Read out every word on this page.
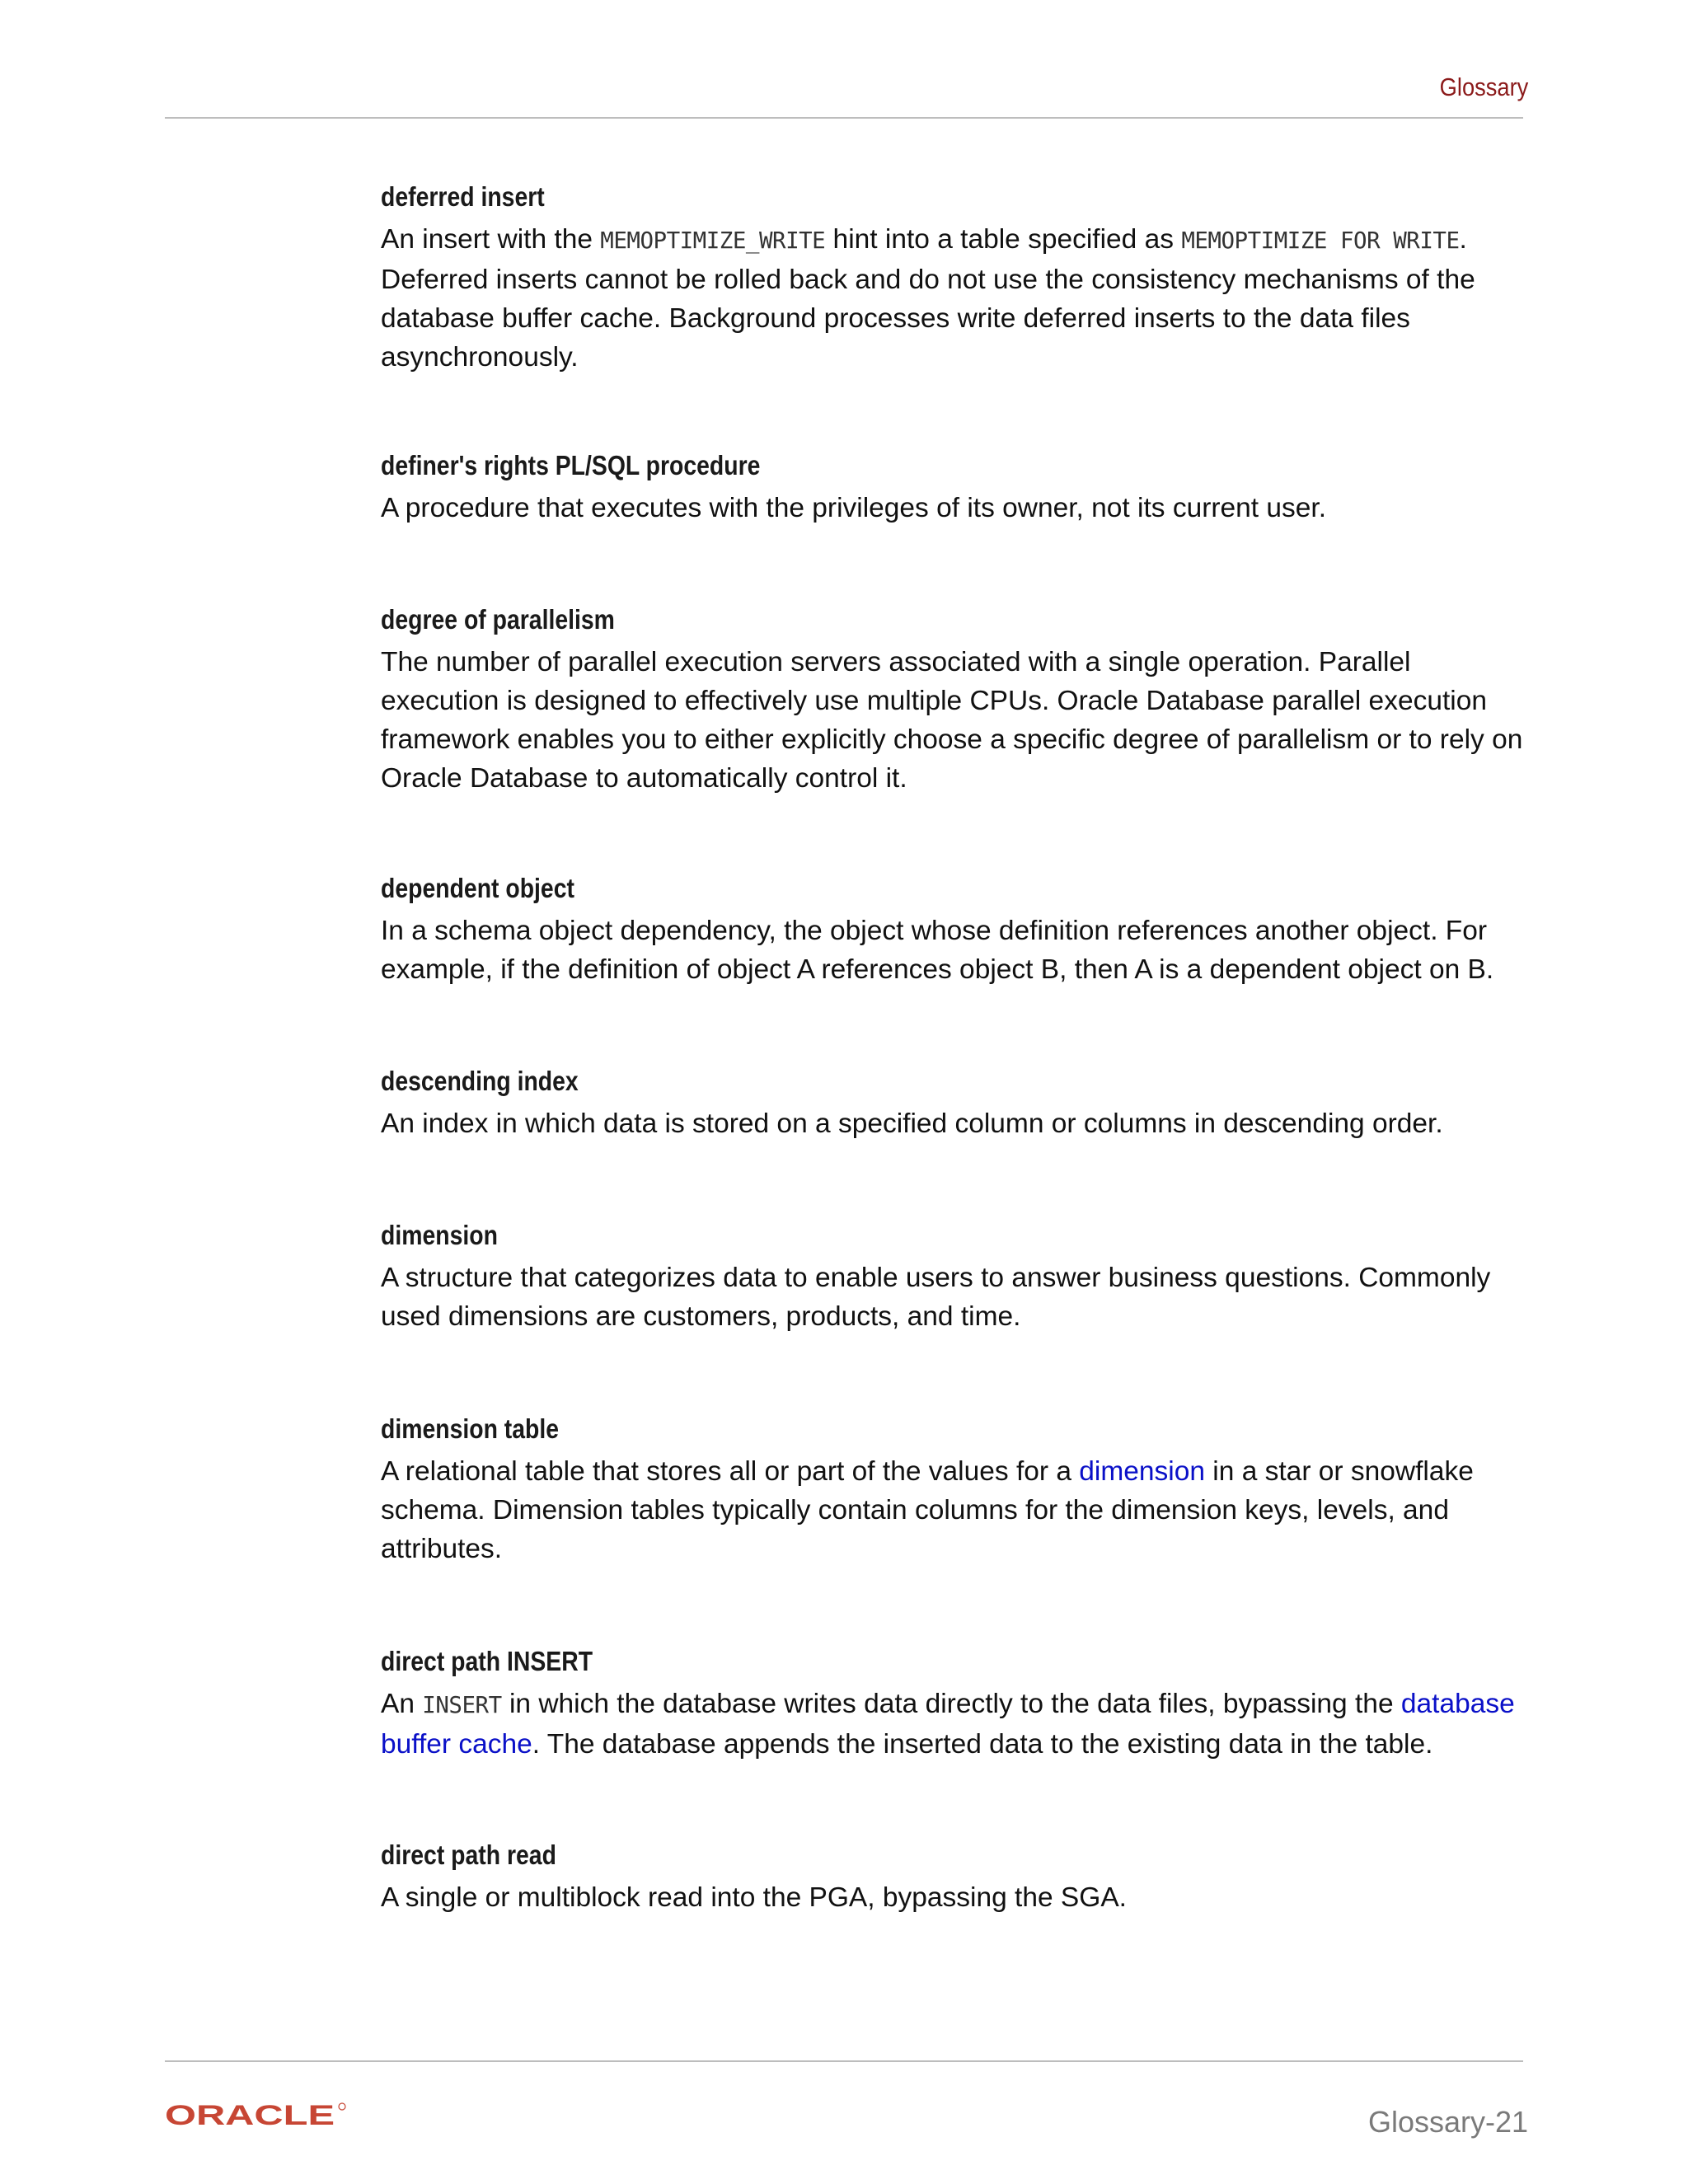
Glossary
deferred insert
An insert with the MEMOPTIMIZE_WRITE hint into a table specified as MEMOPTIMIZE FOR WRITE. Deferred inserts cannot be rolled back and do not use the consistency mechanisms of the database buffer cache. Background processes write deferred inserts to the data files asynchronously.
definer's rights PL/SQL procedure
A procedure that executes with the privileges of its owner, not its current user.
degree of parallelism
The number of parallel execution servers associated with a single operation. Parallel execution is designed to effectively use multiple CPUs. Oracle Database parallel execution framework enables you to either explicitly choose a specific degree of parallelism or to rely on Oracle Database to automatically control it.
dependent object
In a schema object dependency, the object whose definition references another object. For example, if the definition of object A references object B, then A is a dependent object on B.
descending index
An index in which data is stored on a specified column or columns in descending order.
dimension
A structure that categorizes data to enable users to answer business questions. Commonly used dimensions are customers, products, and time.
dimension table
A relational table that stores all or part of the values for a dimension in a star or snowflake schema. Dimension tables typically contain columns for the dimension keys, levels, and attributes.
direct path INSERT
An INSERT in which the database writes data directly to the data files, bypassing the database buffer cache. The database appends the inserted data to the existing data in the table.
direct path read
A single or multiblock read into the PGA, bypassing the SGA.
ORACLE	Glossary-21
